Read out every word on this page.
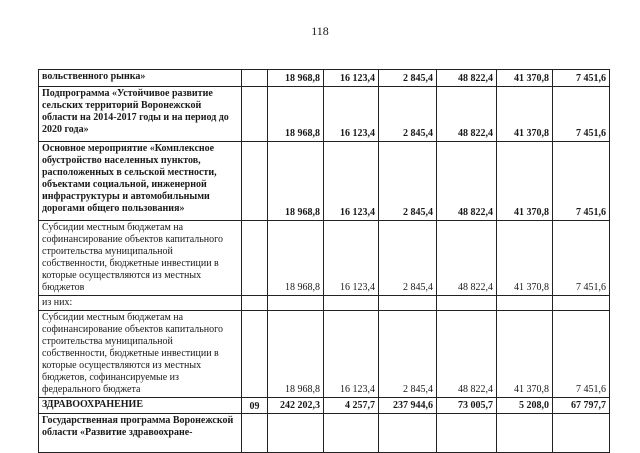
118
вольственного рынка»		18 968,8	16 123,4	2 845,4	48 822,4	41 370,8	7 451,6
Подпрограмма «Устойчивое развитие сельских территорий Воронежской области на 2014-2017 годы и на период до 2020 года»		18 968,8	16 123,4	2 845,4	48 822,4	41 370,8	7 451,6
Основное мероприятие «Комплексное обустройство населенных пунктов, расположенных в сельской местности, объектами социальной, инженерной инфраструктуры и автомобильными дорогами общего пользования»		18 968,8	16 123,4	2 845,4	48 822,4	41 370,8	7 451,6
Субсидии местным бюджетам на софинансирование объектов капитального строительства муниципальной собственности, бюджетные инвестиции в которые осуществляются из местных бюджетов		18 968,8	16 123,4	2 845,4	48 822,4	41 370,8	7 451,6
из них:							
Субсидии местным бюджетам на софинансирование объектов капитального строительства муниципальной собственности, бюджетные инвестиции в которые осуществляются из местных бюджетов, софинансируемые из федерального бюджета		18 968,8	16 123,4	2 845,4	48 822,4	41 370,8	7 451,6
ЗДРАВООХРАНЕНИЕ	09	242 202,3	4 257,7	237 944,6	73 005,7	5 208,0	67 797,7
Государственная программа Воронежской области «Развитие здравоохране-							
